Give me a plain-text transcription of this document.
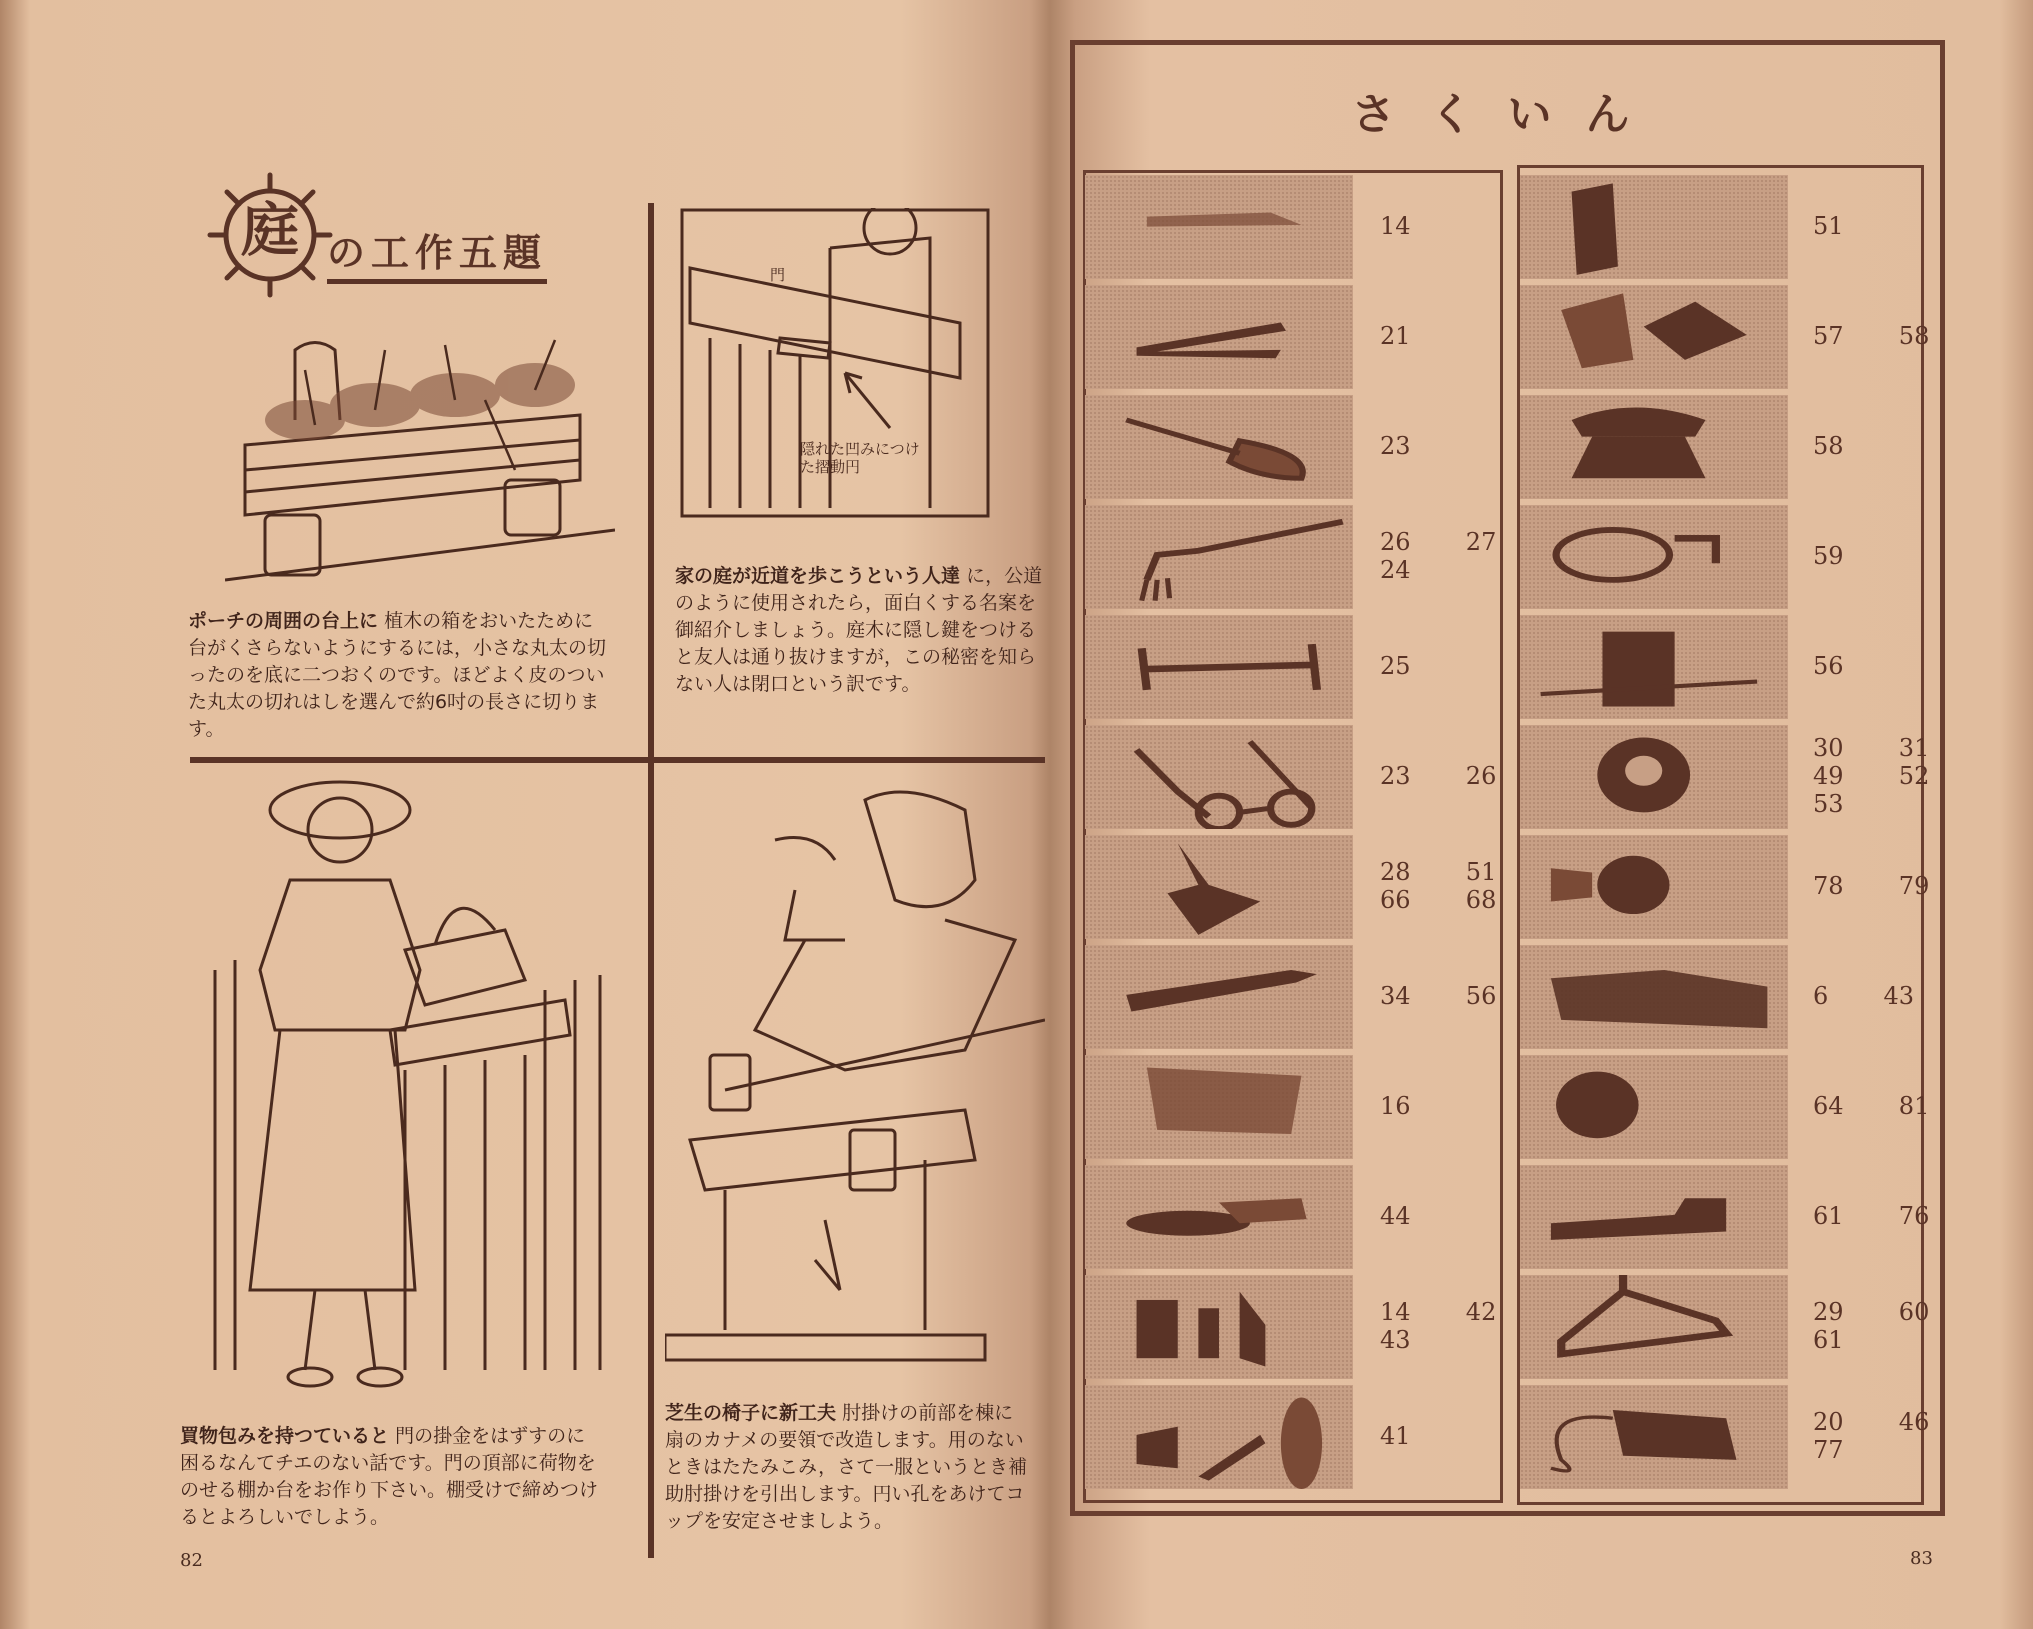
庭 の工作五題	門
隠れた凹みにつけ
た摺動円
ポーチの周囲の台上に 植木の箱をおいたために台がくさらないようにするには，小さな丸太の切ったのを底に二つおくのです。ほどよく皮のついた丸太の切れはしを選んで約6吋の長さに切ります。
家の庭が近道を歩こうという人達 に，公道のように使用されたら，面白くする名案を御紹介しましょう。庭木に隠し鍵をつけると友人は通り抜けますが，この秘密を知らない人は閉口という訳です。
買物包みを持つていると 門の掛金をはずすのに困るなんてチエのない話です。門の頂部に荷物をのせる棚か台をお作り下さい。棚受けで締めつけるとよろしいでしよう。
芝生の椅子に新工夫 肘掛けの前部を棟に扇のカナメの要領で改造します。用のないときはたたみこみ，さて一服というとき補助肘掛けを引出します。円い孔をあけてコップを安定させましよう。
82
さくいん
14
21
23
26  27
24
25
23  26
28  51
66  68
34  56
16
44
14  42
43
41
51
57  58
58
59
56
30  31
49  52
53
78  79
6  43
64  81
61  76
29  60
61
20  46
77
83
